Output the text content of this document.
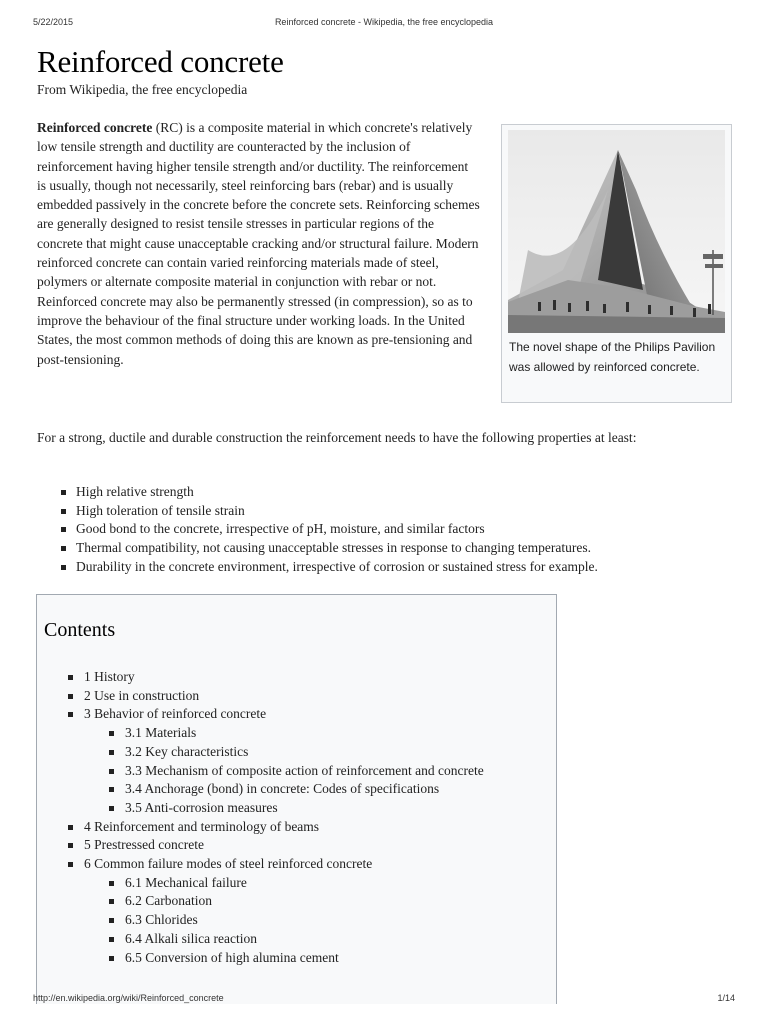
5/22/2015	Reinforced concrete - Wikipedia, the free encyclopedia
Reinforced concrete
From Wikipedia, the free encyclopedia

Reinforced concrete (RC) is a composite material in which concrete's relatively low tensile strength and ductility are counteracted by the inclusion of reinforcement having higher tensile strength and/or ductility. The reinforcement is usually, though not necessarily, steel reinforcing bars (rebar) and is usually embedded passively in the concrete before the concrete sets. Reinforcing schemes are generally designed to resist tensile stresses in particular regions of the concrete that might cause unacceptable cracking and/or structural failure. Modern reinforced concrete can contain varied reinforcing materials made of steel, polymers or alternate composite material in conjunction with rebar or not. Reinforced concrete may also be permanently stressed (in compression), so as to improve the behaviour of the final structure under working loads. In the United States, the most common methods of doing this are known as pre-tensioning and post-tensioning.

The novel shape of the Philips Pavilion was allowed by reinforced concrete.

For a strong, ductile and durable construction the reinforcement needs to have the following properties at least:

High relative strength
High toleration of tensile strain
Good bond to the concrete, irrespective of pH, moisture, and similar factors
Thermal compatibility, not causing unacceptable stresses in response to changing temperatures.
Durability in the concrete environment, irrespective of corrosion or sustained stress for example.
Contents
1 History
2 Use in construction
3 Behavior of reinforced concrete
3.1 Materials
3.2 Key characteristics
3.3 Mechanism of composite action of reinforcement and concrete
3.4 Anchorage (bond) in concrete: Codes of specifications
3.5 Anti-corrosion measures
4 Reinforcement and terminology of beams
5 Prestressed concrete
6 Common failure modes of steel reinforced concrete
6.1 Mechanical failure
6.2 Carbonation
6.3 Chlorides
6.4 Alkali silica reaction
6.5 Conversion of high alumina cement
http://en.wikipedia.org/wiki/Reinforced_concrete	1/14
